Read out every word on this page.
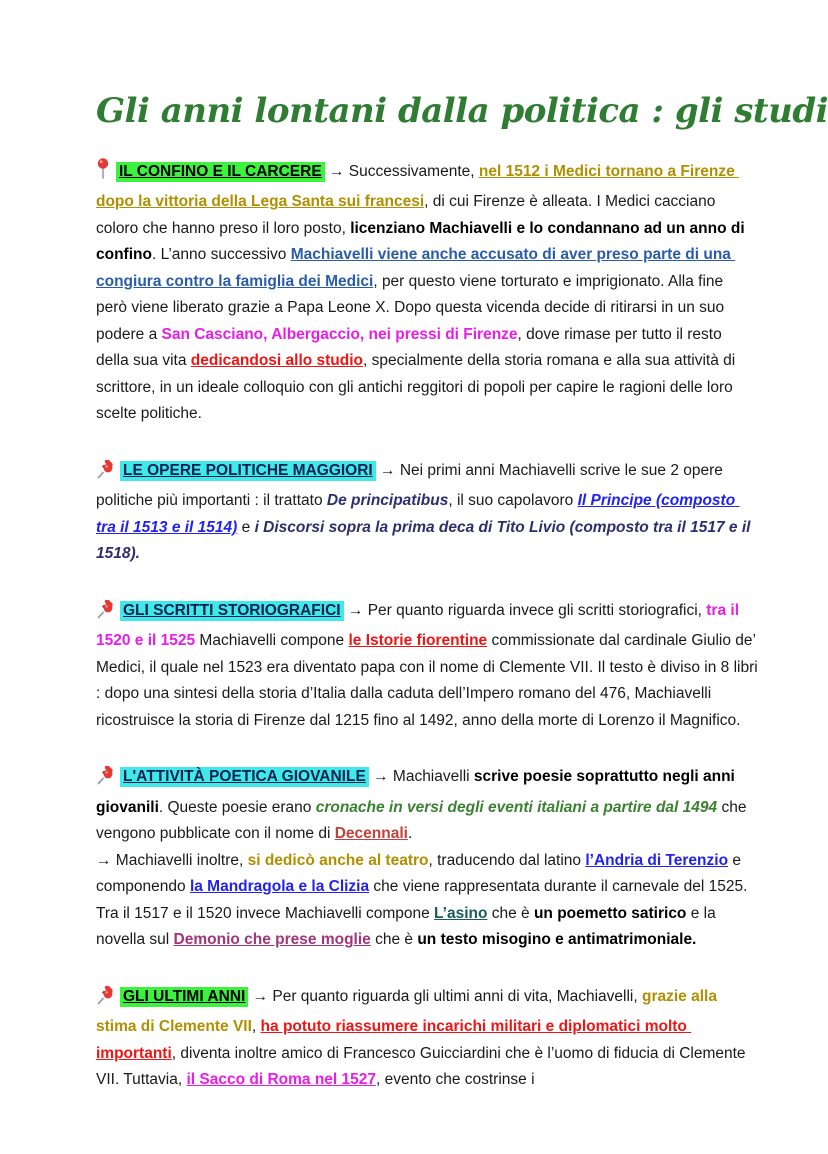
Gli anni lontani dalla politica : gli studi

IL CONFINO E IL CARCERE → Successivamente, nel 1512 i Medici tornano a Firenze dopo la vittoria della Lega Santa sui francesi, di cui Firenze è alleata. I Medici cacciano coloro che hanno preso il loro posto, licenziano Machiavelli e lo condannano ad un anno di confino. L’anno successivo Machiavelli viene anche accusato di aver preso parte di una congiura contro la famiglia dei Medici, per questo viene torturato e imprigionato. Alla fine però viene liberato grazie a Papa Leone X. Dopo questa vicenda decide di ritirarsi in un suo podere a San Casciano, Albergaccio, nei pressi di Firenze, dove rimase per tutto il resto della sua vita dedicandosi allo studio, specialmente della storia romana e alla sua attività di scrittore, in un ideale colloquio con gli antichi reggitori di popoli per capire le ragioni delle loro scelte politiche.

LE OPERE POLITICHE MAGGIORI → Nei primi anni Machiavelli scrive le sue 2 opere politiche più importanti : il trattato De principatibus, il suo capolavoro Il Principe (composto tra il 1513 e il 1514) e i Discorsi sopra la prima deca di Tito Livio (composto tra il 1517 e il 1518).

GLI SCRITTI STORIOGRAFICI → Per quanto riguarda invece gli scritti storiografici, tra il 1520 e il 1525 Machiavelli compone le Istorie fiorentine commissionate dal cardinale Giulio de’ Medici, il quale nel 1523 era diventato papa con il nome di Clemente VII. Il testo è diviso in 8 libri : dopo una sintesi della storia d’Italia dalla caduta dell’Impero romano del 476, Machiavelli ricostruisce la storia di Firenze dal 1215 fino al 1492, anno della morte di Lorenzo il Magnifico.

L'ATTIVITÀ POETICA GIOVANILE → Machiavelli scrive poesie soprattutto negli anni giovanili. Queste poesie erano cronache in versi degli eventi italiani a partire dal 1494 che vengono pubblicate con il nome di Decennali.

→ Machiavelli inoltre, si dedicò anche al teatro, traducendo dal latino l’Andria di Terenzio e componendo la Mandragola e la Clizia che viene rappresentata durante il carnevale del 1525. Tra il 1517 e il 1520 invece Machiavelli compone L’asino che è un poemetto satirico e la novella sul Demonio che prese moglie che è un testo misogino e antimatrimoniale.

GLI ULTIMI ANNI → Per quanto riguarda gli ultimi anni di vita, Machiavelli, grazie alla stima di Clemente VII, ha potuto riassumere incarichi militari e diplomatici molto importanti, diventa inoltre amico di Francesco Guicciardini che è l’uomo di fiducia di Clemente VII. Tuttavia, il Sacco di Roma nel 1527, evento che costrinse i
